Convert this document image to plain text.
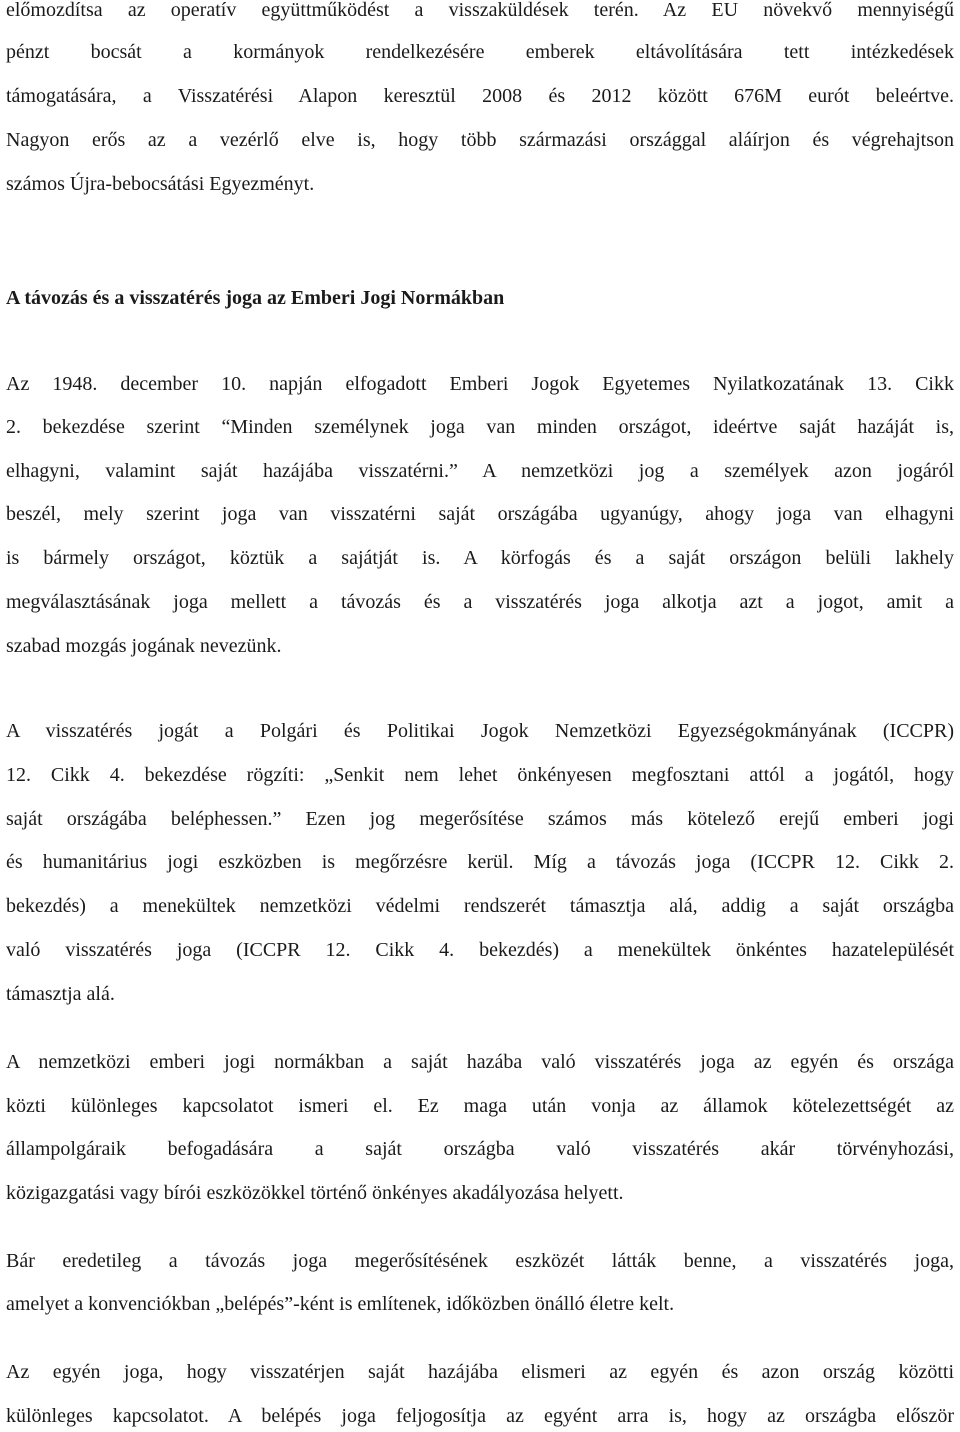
előmozdítsa az operatív együttműködést a visszaküldések terén. Az EU növekvő mennyiségű
pénzt bocsát a kormányok rendelkezésére emberek eltávolítására tett intézkedések
támogatására, a Visszatérési Alapon keresztül 2008 és 2012 között 676M eurót beleértve.
Nagyon erős az a vezérlő elve is, hogy több származási országgal aláírjon és végrehajtson
számos Újra-bebocsátási Egyezményt.
A távozás és a visszatérés joga az Emberi Jogi Normákban
Az 1948. december 10. napján elfogadott Emberi Jogok Egyetemes Nyilatkozatának 13. Cikk
2. bekezdése szerint “Minden személynek joga van minden országot, ideértve saját hazáját is,
elhagyni, valamint saját hazájába visszatérni.” A nemzetközi jog a személyek azon jogáról
beszél, mely szerint joga van visszatérni saját országába ugyanúgy, ahogy joga van elhagyni
is bármely országot, köztük a sajátját is. A körfogás és a saját országon belüli lakhely
megválasztásának joga mellett a távozás és a visszatérés joga alkotja azt a jogot, amit a
szabad mozgás jogának nevezünk.
A visszatérés jogát a Polgári és Politikai Jogok Nemzetközi Egyezségokmányának (ICCPR)
12. Cikk 4. bekezdése rögzíti: „Senkit nem lehet önkényesen megfosztani attól a jogától, hogy
saját országába beléphessen.” Ezen jog megerősítése számos más kötelező erejű emberi jogi
és humanitárius jogi eszközben is megőrzésre kerül. Míg a távozás joga (ICCPR 12. Cikk 2.
bekezdés) a menekültek nemzetközi védelmi rendszerét támasztja alá, addig a saját országba
való visszatérés joga (ICCPR 12. Cikk 4. bekezdés) a menekültek önkéntes hazatelepülését
támasztja alá.
A nemzetközi emberi jogi normákban a saját hazába való visszatérés joga az egyén és országa
közti különleges kapcsolatot ismeri el. Ez maga után vonja az államok kötelezettségét az
állampolgáraik befogadására a saját országba való visszatérés akár törvényhozási,
közigazgatási vagy bírói eszközökkel történő önkényes akadályozása helyett.
Bár eredetileg a távozás joga megerősítésének eszközét látták benne, a visszatérés joga,
amelyet a konvenciókban „belépés”-ként is említenek, időközben önálló életre kelt.
Az egyén joga, hogy visszatérjen saját hazájába elismeri az egyén és azon ország közötti
különleges kapcsolatot. A belépés joga feljogosítja az egyént arra is, hogy az országba először
